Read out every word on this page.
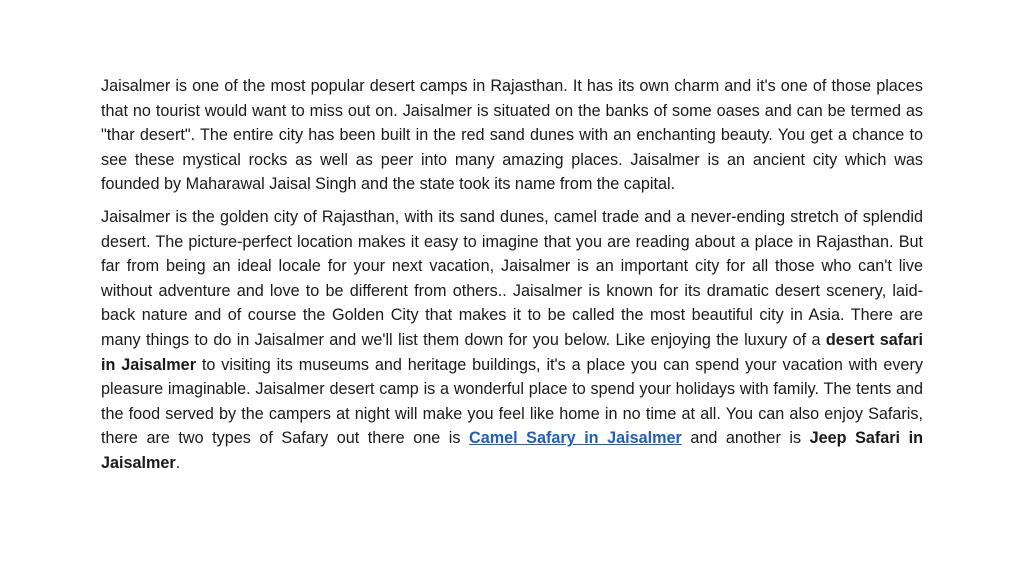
Jaisalmer is one of the most popular desert camps in Rajasthan. It has its own charm and it's one of those places that no tourist would want to miss out on. Jaisalmer is situated on the banks of some oases and can be termed as "thar desert". The entire city has been built in the red sand dunes with an enchanting beauty. You get a chance to see these mystical rocks as well as peer into many amazing places. Jaisalmer is an ancient city which was founded by Maharawal Jaisal Singh and the state took its name from the capital.

Jaisalmer is the golden city of Rajasthan, with its sand dunes, camel trade and a never-ending stretch of splendid desert. The picture-perfect location makes it easy to imagine that you are reading about a place in Rajasthan. But far from being an ideal locale for your next vacation, Jaisalmer is an important city for all those who can't live without adventure and love to be different from others.. Jaisalmer is known for its dramatic desert scenery, laid-back nature and of course the Golden City that makes it to be called the most beautiful city in Asia. There are many things to do in Jaisalmer and we'll list them down for you below. Like enjoying the luxury of a desert safari in Jaisalmer to visiting its museums and heritage buildings, it's a place you can spend your vacation with every pleasure imaginable. Jaisalmer desert camp is a wonderful place to spend your holidays with family. The tents and the food served by the campers at night will make you feel like home in no time at all. You can also enjoy Safaris, there are two types of Safary out there one is Camel Safary in Jaisalmer and another is Jeep Safari in Jaisalmer.
